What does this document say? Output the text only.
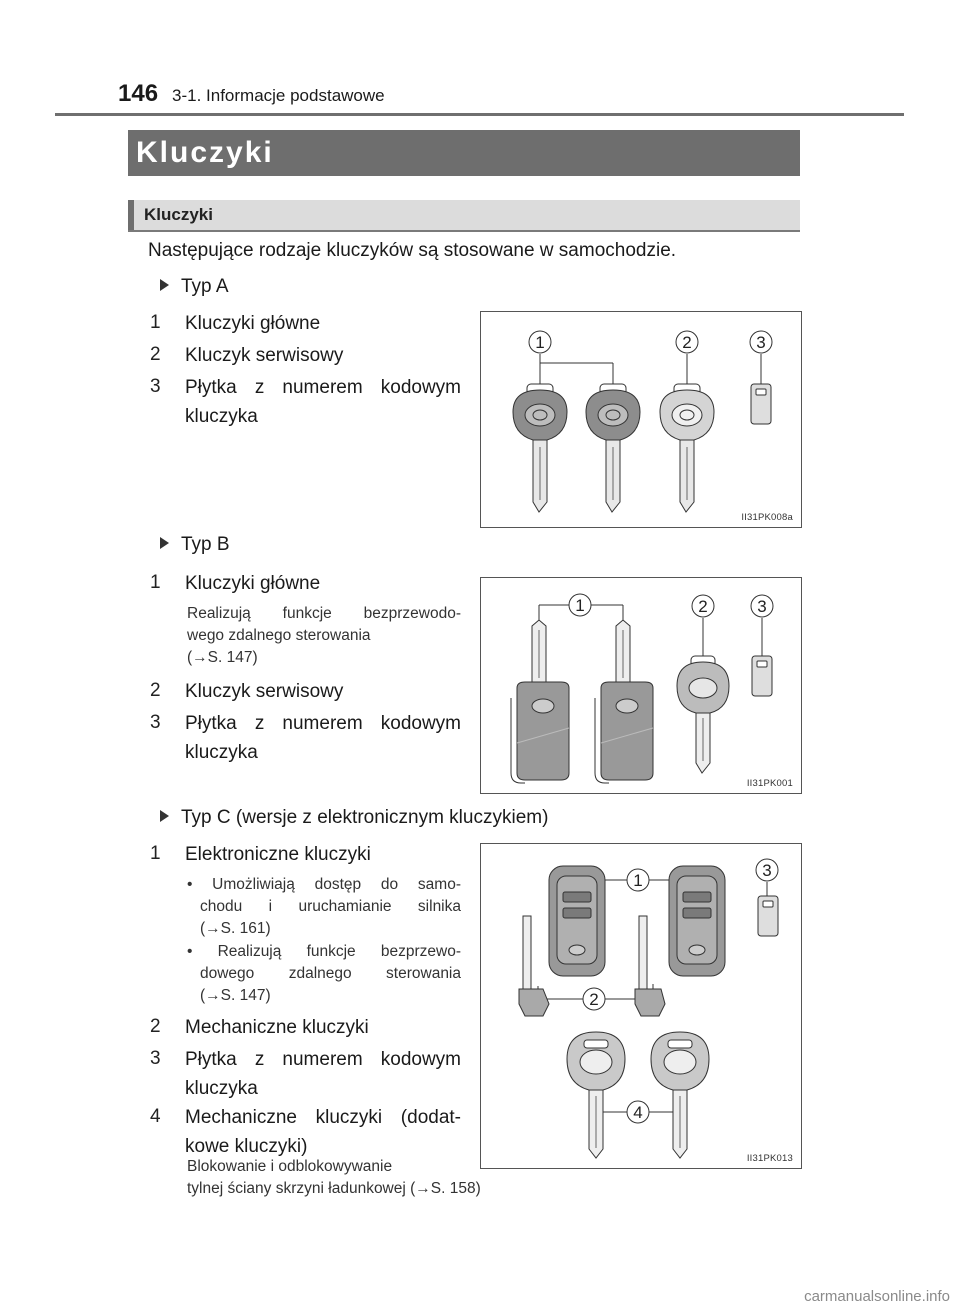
146 3-1. Informacje podstawowe
Kluczyki
Kluczyki
Następujące rodzaje kluczyków są stosowane w samochodzie.
Typ A
1 Kluczyki główne
2 Kluczyk serwisowy
3 Płytka z numerem kodowym
kluczyka
1	2	3
II31PK008a
Typ B
1 Kluczyki główne
Realizują funkcje bezprzewodo-
wego zdalnego sterowania
(→S. 147)
2 Kluczyk serwisowy
3 Płytka z numerem kodowym
kluczyka
1	2	3
II31PK001
Typ C (wersje z elektronicznym kluczykiem)
1 Elektroniczne kluczyki
• Umożliwiają dostęp do samo-
chodu i uruchamianie silnika
(→S. 161)
• Realizują funkcje bezprzewo-
dowego zdalnego sterowania
(→S. 147)
2 Mechaniczne kluczyki
3 Płytka z numerem kodowym
kluczyka
4 Mechaniczne kluczyki (dodat-
kowe kluczyki)
Blokowanie i odblokowywanie
tylnej ściany skrzyni ładunkowej (→S. 158)
1
2
3
4
II31PK013
carmanualsonline.info
